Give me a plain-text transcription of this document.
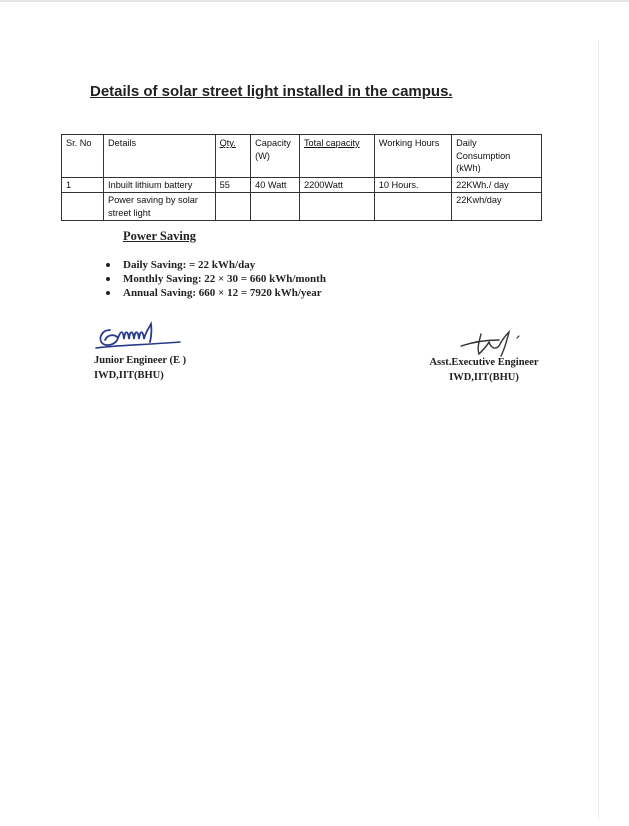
Details of solar street light installed in the campus.
Sr. No	Details	Qty.	Capacity (W)	Total capacity	Working Hours	Daily
Consumption
(kWh)

1	Inbuilt lithium battery	55	40 Watt	2200Watt	10 Hours.	22KWh./ day

	Power saving by solar
street light					22Kwh/day
Power Saving
Daily Saving: = 22 kWh/day
Monthly Saving: 22 × 30 = 660 kWh/month
Annual Saving: 660 × 12 = 7920 kWh/year
Junior Engineer (E )
IWD,IIT(BHU)
Asst.Executive Engineer
IWD,IIT(BHU)
